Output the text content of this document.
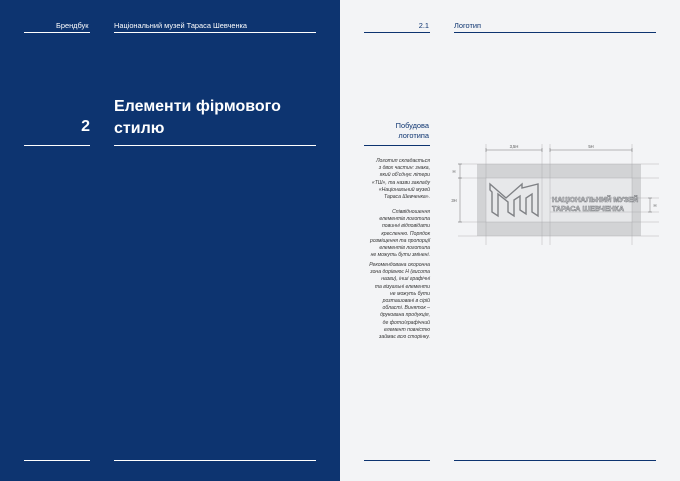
Брендбук	Національний музей Тараса Шевченка
2
Елементи фірмового
стилю
2.1	Логотип
Побудова
логотипа
Логотип складається
з двох частин: знака,
який об'єднує літери
«ТШ», та назви закладу
«Національний музей
Тараса Шевченка».
Співвідношення
елементів логотипа
повинні відповідати
кресленню. Порядок
розміщення та пропорції
елементів логотипа
не можуть бути змінені.
Рекомендована охоронна
зона дорівнює H (висота
назви), інші графічні
та візуальні елементи
не можуть бути
розташовані в сірій
області. Виняток –
друкована продукція,
де фото/графічний
елемент повністю
займає всю сторінку.
3,5H	5H
H
3H
H
НАЦІОНАЛЬНИЙ МУЗЕЙ
ТАРАСА ШЕВЧЕНКА
